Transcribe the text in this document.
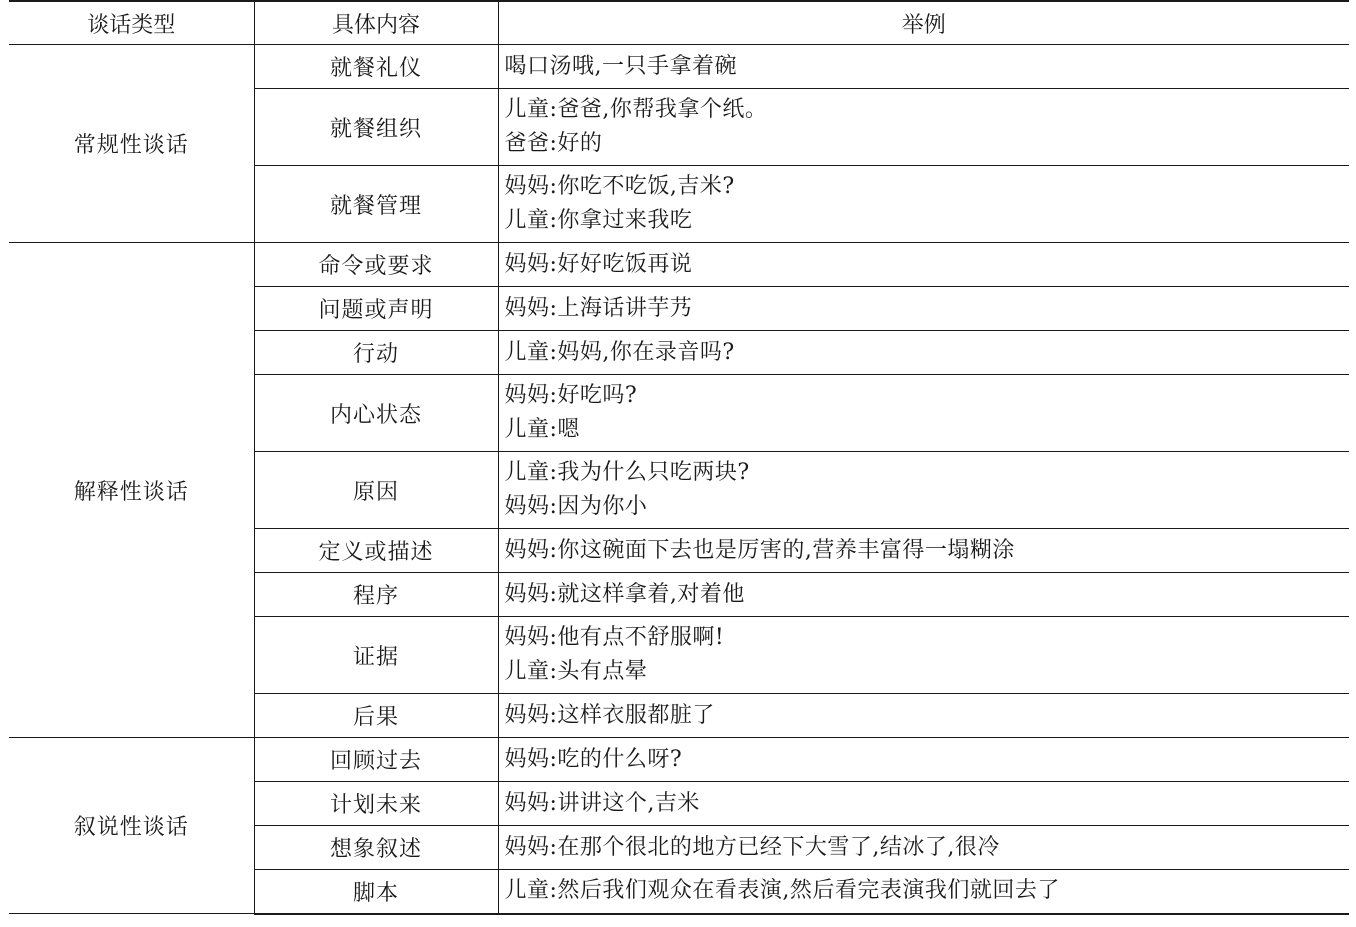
谈话类型	具体内容	举例
常规性谈话	就餐礼仪	喝口汤哦,一只手拿着碗

	就餐组织	儿童:爸爸,你帮我拿个纸。
爸爸:好的

	就餐管理	妈妈:你吃不吃饭,吉米?
儿童:你拿过来我吃

解释性谈话	命令或要求	妈妈:好好吃饭再说

	问题或声明	妈妈:上海话讲芋艿

	行动	儿童:妈妈,你在录音吗?

	内心状态	妈妈:好吃吗?
儿童:嗯

	原因	儿童:我为什么只吃两块?
妈妈:因为你小

	定义或描述	妈妈:你这碗面下去也是厉害的,营养丰富得一塌糊涂

	程序	妈妈:就这样拿着,对着他

	证据	妈妈:他有点不舒服啊!
儿童:头有点晕

	后果	妈妈:这样衣服都脏了

叙说性谈话	回顾过去	妈妈:吃的什么呀?

	计划未来	妈妈:讲讲这个,吉米

	想象叙述	妈妈:在那个很北的地方已经下大雪了,结冰了,很冷

	脚本	儿童:然后我们观众在看表演,然后看完表演我们就回去了
